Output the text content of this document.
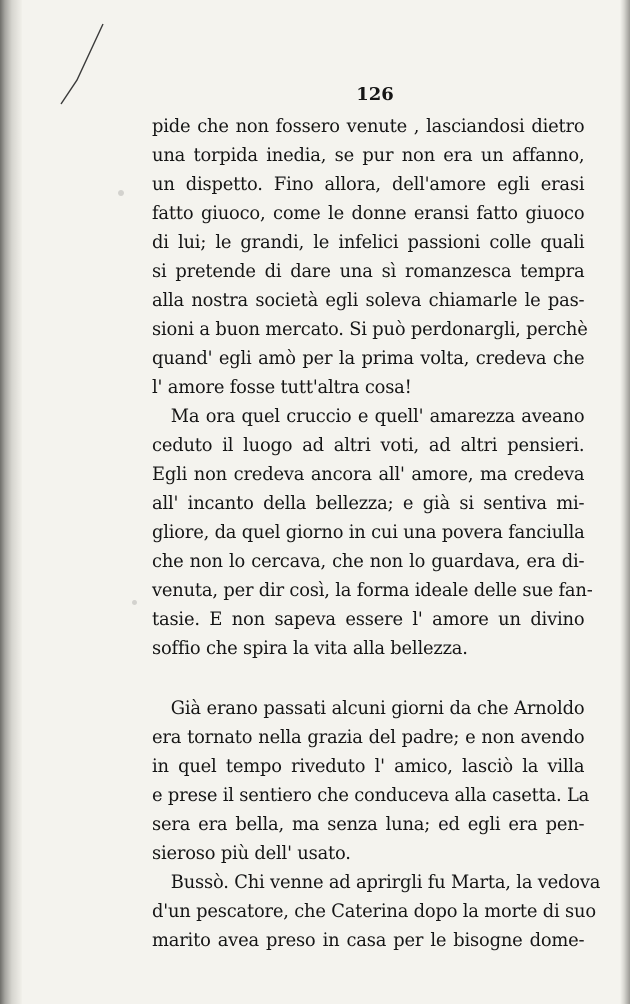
126
pide che non fossero venute , lasciandosi dietro
una torpida inedia, se pur non era un affanno,
un dispetto. Fino allora, dell'amore egli erasi
fatto giuoco, come le donne eransi fatto giuoco
di lui; le grandi, le infelici passioni colle quali
si pretende di dare una sì romanzesca tempra
alla nostra società egli soleva chiamarle le pas-
sioni a buon mercato. Si può perdonargli, perchè
quand' egli amò per la prima volta, credeva che
l' amore fosse tutt'altra cosa!
Ma ora quel cruccio e quell' amarezza aveano
ceduto il luogo ad altri voti, ad altri pensieri.
Egli non credeva ancora all' amore, ma credeva
all' incanto della bellezza; e già si sentiva mi-
gliore, da quel giorno in cui una povera fanciulla
che non lo cercava, che non lo guardava, era di-
venuta, per dir così, la forma ideale delle sue fan-
tasie. E non sapeva essere l' amore un divino
soffio che spira la vita alla bellezza.
Già erano passati alcuni giorni da che Arnoldo
era tornato nella grazia del padre; e non avendo
in quel tempo riveduto l' amico, lasciò la villa
e prese il sentiero che conduceva alla casetta. La
sera era bella, ma senza luna; ed egli era pen-
sieroso più dell' usato.
Bussò. Chi venne ad aprirgli fu Marta, la vedova
d'un pescatore, che Caterina dopo la morte di suo
marito avea preso in casa per le bisogne dome-
